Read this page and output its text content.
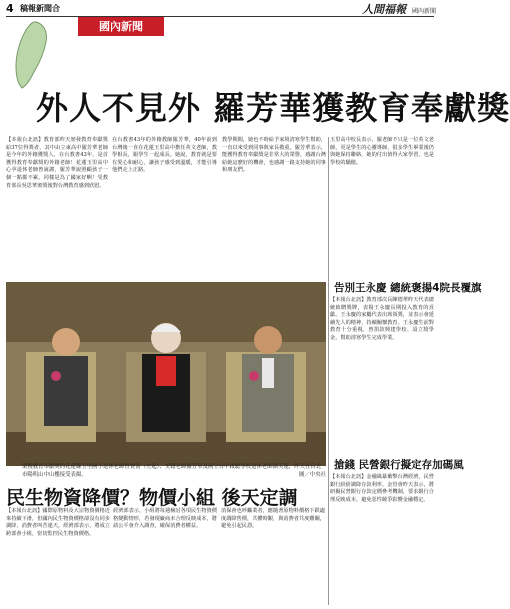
4 稿報新聞合	人間福報 國內新聞
國內新聞
外人不見外 羅芳華獲教育奉獻獎
【本報台北訊】教育部昨天頒發教育奉獻獎給37位得獎者，其中由立東高中羅芳華老師是今年的外籍獲獎人，在台教書43年，是首獲得教育奉獻獎的外籍老師！花蓮玉里高中心孕退休老師曾說謝，羅芳華說照顧孩子一個一點都不累，同樣是為了國家好啊！受教育部長吳思華頒獎後對台灣教育感到欣慰。
在台教書43年的外籍教師羅芳華，40年前到台灣後一直在花蓮玉里高中擔任英文老師，教學相長，跟學生一起成長。她說，教育就是要有愛心和耐心，讓孩子感受到溫暖，才能引導他們走上正路。
教學期間，她也不時給予家境清寒學生幫助，一直以來受到同事與家長敬重。羅芳華表示，能獲得教育奉獻獎是非常大的榮譽，感謝台灣給她這麼好的機會，也感謝一路支持她的同事和朋友們。
玉里高中校長表示，羅老師不只是一位英文老師，更是學生的心靈導師，很多學生畢業後仍與她保持聯絡，她的付出值得大家學習，也是學校的驕傲。
告別王永慶 總統褒揚4院長覆旗
【本報台北訊】教育部次長陳德華昨天代表總統致贈獎牌，表揚王永慶長期投入教育的貢獻。王永慶的家屬代表出席領獎，並表示會延續先人的精神，持續關懷教育。王永慶生前對教育十分重視，曾捐款興建學校、設立獎學金，幫助清寒學生完成學業。
搶錢 民營銀行擬定存加碼風
【本報台北訊】金融風暴衝擊台灣經濟，民營銀行紛紛調降存款利率，金管會昨天表示，將研擬民營銀行存款定價參考機制，要求銀行合理反映成本，避免惡性競爭影響金融穩定。
榮獲教育奉獻獎的花蓮縣玉里國小退休老師曾賣南（左起）、美籍老師羅芳華及國立台中啟聰學校退休老師湖芙蓮，昨天在台北市陽明山中山樓接受表揚。	圖／中央社
民生物資降價？物價小組 後天定調
【本報台北訊】國際原物料及大宗物資價格近來持續下滑，但國內民生物資價格卻沒有同步調降，消費者叫苦連天。經濟部表示，將成立跨部會小組，密切監控民生物資價格。
經濟部表示，小組將每週檢討各項民生物資價格變動情形，若發現廠商未合理反映成本，將請公平會介入調查，確保消費者權益。
消保會也呼籲業者，應隨著原物料價格下跌適度調降售價，共體時艱，與消費者共度難關，避免引起民怨。
